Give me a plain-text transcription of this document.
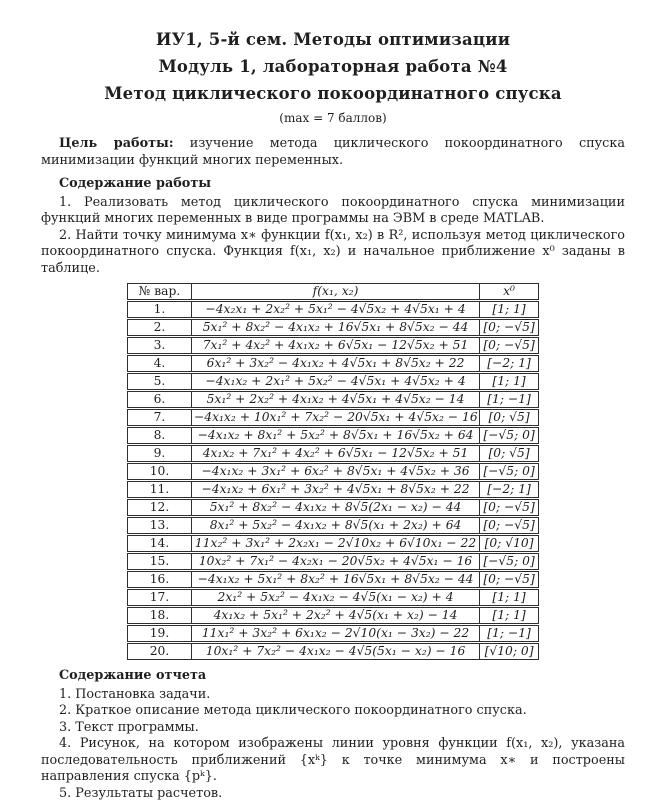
ИУ1, 5-й сем. Методы оптимизации

Модуль 1, лабораторная работа №4

Метод циклического покоординатного спуска

(max = 7 баллов)

Цель работы: изучение метода циклического покоординатного спуска минимизации функций многих переменных.

Содержание работы

1. Реализовать метод циклического покоординатного спуска минимизации функций многих переменных в виде программы на ЭВМ в среде MATLAB.

2. Найти точку минимума x∗ функции f(x₁, x₂) в R², используя метод циклического покоординатного спуска. Функция f(x₁, x₂) и начальное приближение x⁰ заданы в таблице.

№ вар.	f(x₁, x₂)	x⁰
1.	−4x₂x₁ + 2x₂² + 5x₁² − 4√5x₂ + 4√5x₁ + 4	[1; 1]
2.	5x₁² + 8x₂² − 4x₁x₂ + 16√5x₁ + 8√5x₂ − 44	[0; −√5]
3.	7x₁² + 4x₂² + 4x₁x₂ + 6√5x₁ − 12√5x₂ + 51	[0; −√5]
4.	6x₁² + 3x₂² − 4x₁x₂ + 4√5x₁ + 8√5x₂ + 22	[−2; 1]
5.	−4x₁x₂ + 2x₁² + 5x₂² − 4√5x₁ + 4√5x₂ + 4	[1; 1]
6.	5x₁² + 2x₂² + 4x₁x₂ + 4√5x₁ + 4√5x₂ − 14	[1; −1]
7.	−4x₁x₂ + 10x₁² + 7x₂² − 20√5x₁ + 4√5x₂ − 16	[0; √5]
8.	−4x₁x₂ + 8x₁² + 5x₂² + 8√5x₁ + 16√5x₂ + 64	[−√5; 0]
9.	4x₁x₂ + 7x₁² + 4x₂² + 6√5x₁ − 12√5x₂ + 51	[0; √5]
10.	−4x₁x₂ + 3x₁² + 6x₂² + 8√5x₁ + 4√5x₂ + 36	[−√5; 0]
11.	−4x₁x₂ + 6x₁² + 3x₂² + 4√5x₁ + 8√5x₂ + 22	[−2; 1]
12.	5x₁² + 8x₂² − 4x₁x₂ + 8√5(2x₁ − x₂) − 44	[0; −√5]
13.	8x₁² + 5x₂² − 4x₁x₂ + 8√5(x₁ + 2x₂) + 64	[0; −√5]
14.	11x₂² + 3x₁² + 2x₂x₁ − 2√10x₂ + 6√10x₁ − 22	[0; √10]
15.	10x₂² + 7x₁² − 4x₂x₁ − 20√5x₂ + 4√5x₁ − 16	[−√5; 0]
16.	−4x₁x₂ + 5x₁² + 8x₂² + 16√5x₁ + 8√5x₂ − 44	[0; −√5]
17.	2x₁² + 5x₂² − 4x₁x₂ − 4√5(x₁ − x₂) + 4	[1; 1]
18.	4x₁x₂ + 5x₁² + 2x₂² + 4√5(x₁ + x₂) − 14	[1; 1]
19.	11x₁² + 3x₂² + 6x₁x₂ − 2√10(x₁ − 3x₂) − 22	[1; −1]
20.	10x₁² + 7x₂² − 4x₁x₂ − 4√5(5x₁ − x₂) − 16	[√10; 0]

Содержание отчета

1. Постановка задачи.

2. Краткое описание метода циклического покоординатного спуска.

3. Текст программы.

4. Рисунок, на котором изображены линии уровня функции f(x₁, x₂), указана последовательность приближений {xᵏ} к точке минимума x∗ и построены направления спуска {pᵏ}.

5. Результаты расчетов.
